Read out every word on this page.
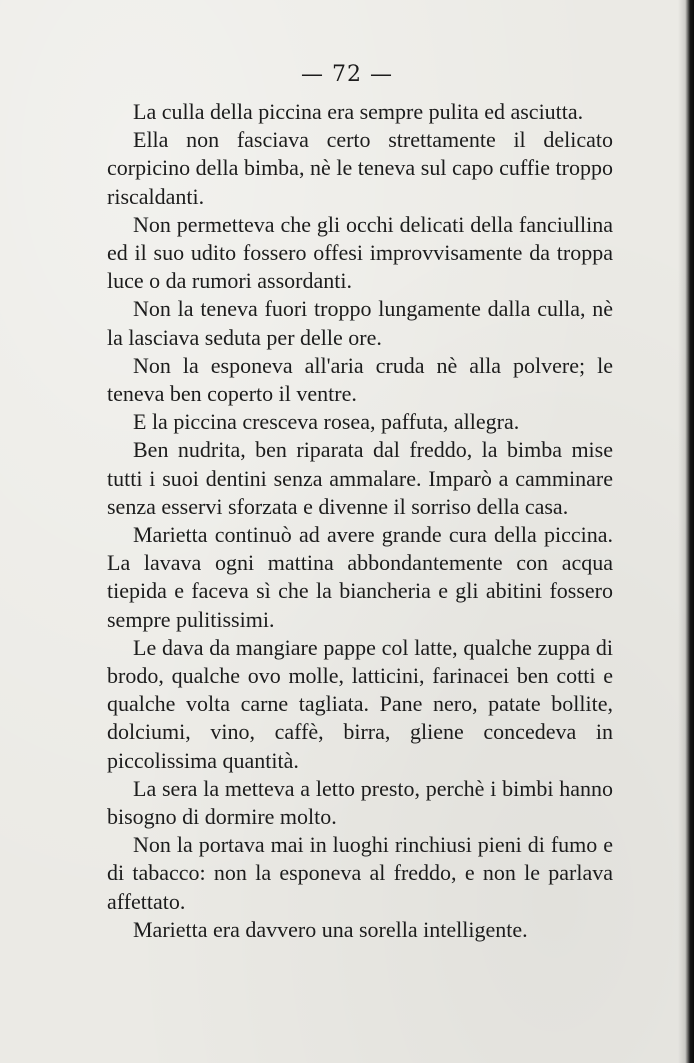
— 72 —

La culla della piccina era sempre pulita ed asciutta.

Ella non fasciava certo strettamente il delicato corpicino della bimba, nè le teneva sul capo cuffie troppo riscaldanti.

Non permetteva che gli occhi delicati della fanciullina ed il suo udito fossero offesi improvvisamente da troppa luce o da rumori assordanti.

Non la teneva fuori troppo lungamente dalla culla, nè la lasciava seduta per delle ore.

Non la esponeva all'aria cruda nè alla polvere; le teneva ben coperto il ventre.

E la piccina cresceva rosea, paffuta, allegra.

Ben nudrita, ben riparata dal freddo, la bimba mise tutti i suoi dentini senza ammalare. Imparò a camminare senza esservi sforzata e divenne il sorriso della casa.

Marietta continuò ad avere grande cura della piccina. La lavava ogni mattina abbondantemente con acqua tiepida e faceva sì che la biancheria e gli abitini fossero sempre pulitissimi.

Le dava da mangiare pappe col latte, qualche zuppa di brodo, qualche ovo molle, latticini, farinacei ben cotti e qualche volta carne tagliata. Pane nero, patate bollite, dolciumi, vino, caffè, birra, gliene concedeva in piccolissima quantità.

La sera la metteva a letto presto, perchè i bimbi hanno bisogno di dormire molto.

Non la portava mai in luoghi rinchiusi pieni di fumo e di tabacco: non la esponeva al freddo, e non le parlava affettato.

Marietta era davvero una sorella intelligente.
